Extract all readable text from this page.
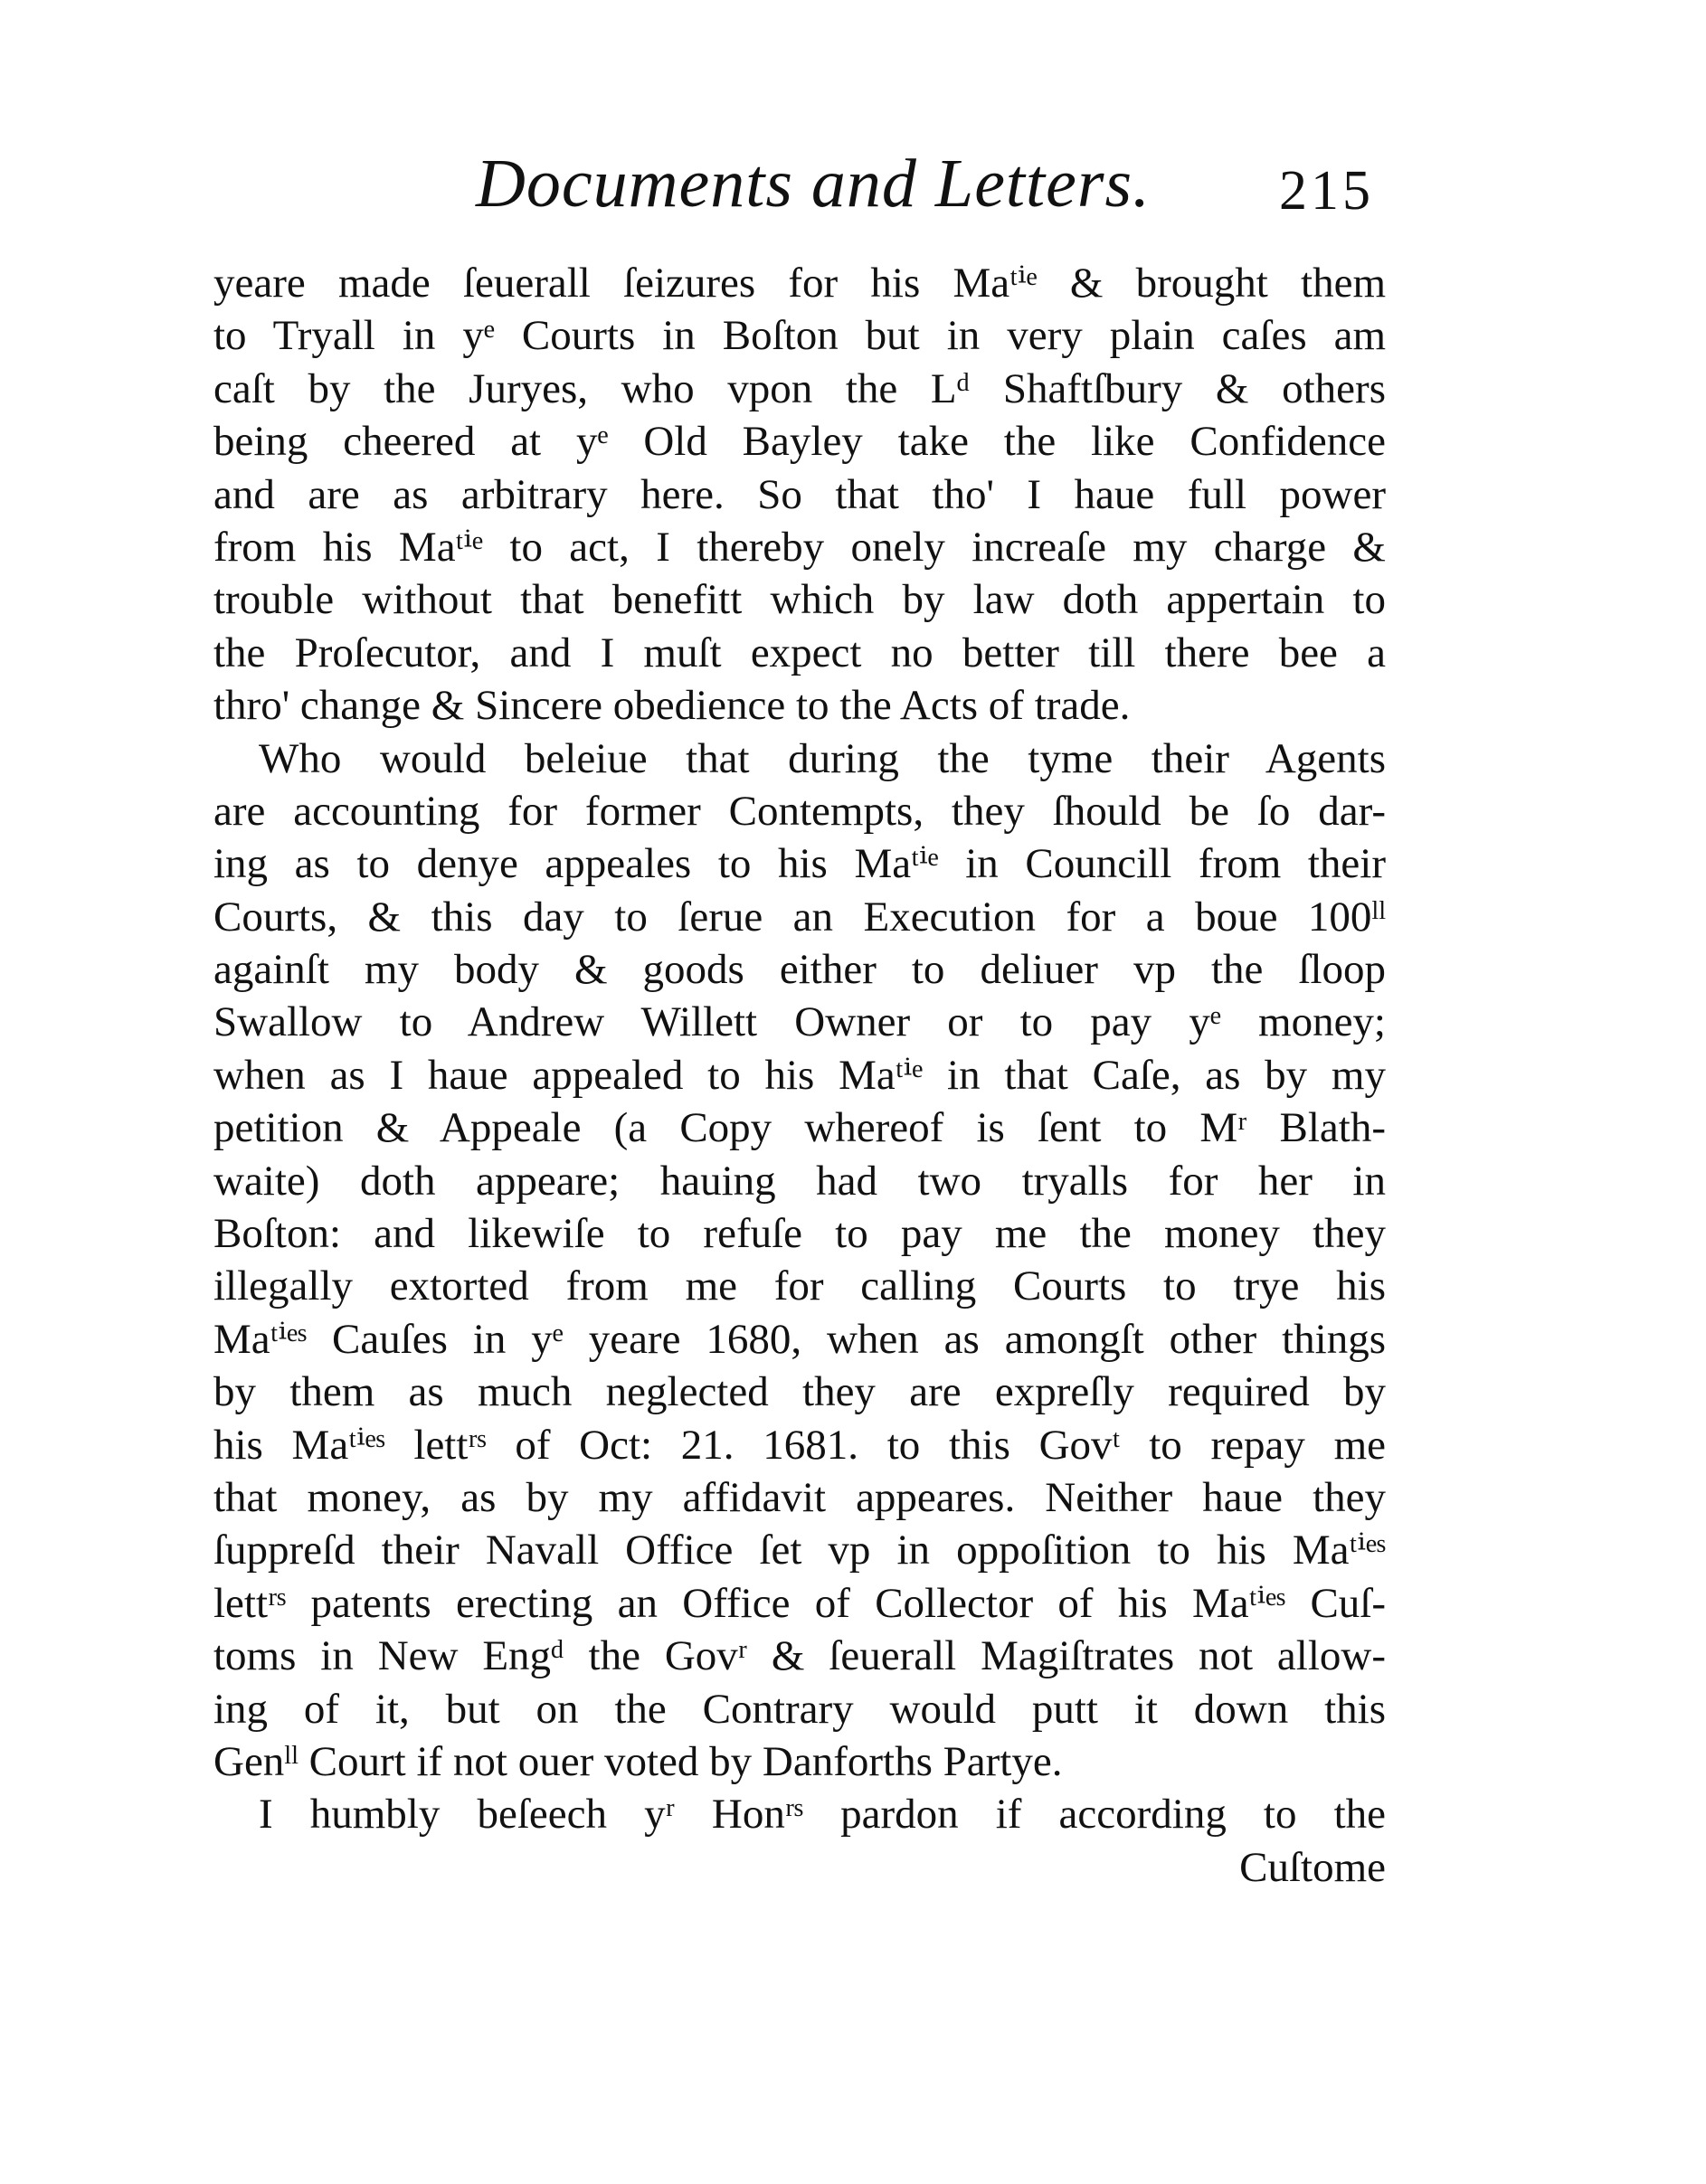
Documents and Letters. 215
yeare made ſeuerall ſeizures for his Maᵗⁱᵉ & brought them
to Tryall in yᵉ Courts in Boſton but in very plain caſes am
caſt by the Juryes, who vpon the Lᵈ Shaftſbury & others
being cheered at yᵉ Old Bayley take the like Confidence
and are as arbitrary here. So that tho' I haue full power
from his Maᵗⁱᵉ to act, I thereby onely increaſe my charge &
trouble without that benefitt which by law doth appertain to
the Proſecutor, and I muſt expect no better till there bee a
thro' change & Sincere obedience to the Acts of trade.
Who would beleiue that during the tyme their Agents
are accounting for former Contempts, they ſhould be ſo dar-
ing as to denye appeales to his Maᵗⁱᵉ in Councill from their
Courts, & this day to ſerue an Execution for a boue 100ˡˡ
againſt my body & goods either to deliuer vp the ſloop
Swallow to Andrew Willett Owner or to pay yᵉ money;
when as I haue appealed to his Maᵗⁱᵉ in that Caſe, as by my
petition & Appeale (a Copy whereof is ſent to Mʳ Blath-
waite) doth appeare; hauing had two tryalls for her in
Boſton: and likewiſe to refuſe to pay me the money they
illegally extorted from me for calling Courts to trye his
Maᵗⁱᵉˢ Cauſes in yᵉ yeare 1680, when as amongſt other things
by them as much neglected they are expreſly required by
his Maᵗⁱᵉˢ lettʳˢ of Oct: 21. 1681. to this Govᵗ to repay me
that money, as by my affidavit appeares. Neither haue they
ſuppreſd their Navall Office ſet vp in oppoſition to his Maᵗⁱᵉˢ
lettʳˢ patents erecting an Office of Collector of his Maᵗⁱᵉˢ Cuſ-
toms in New Engᵈ the Govʳ & ſeuerall Magiſtrates not allow-
ing of it, but on the Contrary would putt it down this
Genˡˡ Court if not ouer voted by Danforths Partye.
I humbly beſeech yʳ Honʳˢ pardon if according to the
Cuſtome
